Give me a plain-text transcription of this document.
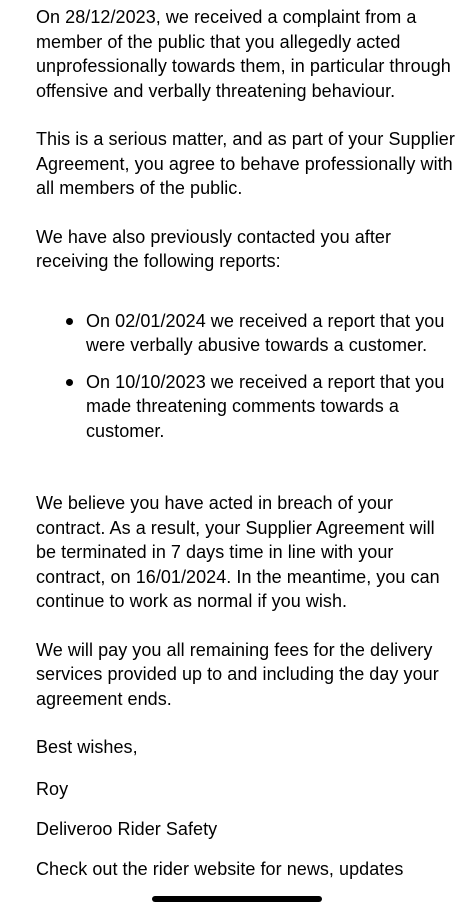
On 28/12/2023, we received a complaint from a member of the public that you allegedly acted unprofessionally towards them, in particular through offensive and verbally threatening behaviour.

This is a serious matter, and as part of your Supplier Agreement, you agree to behave professionally with all members of the public.

We have also previously contacted you after receiving the following reports:

On 02/01/2024 we received a report that you were verbally abusive towards a customer.
On 10/10/2023 we received a report that you made threatening comments towards a customer.

We believe you have acted in breach of your contract. As a result, your Supplier Agreement will be terminated in 7 days time in line with your contract, on 16/01/2024. In the meantime, you can continue to work as normal if you wish.

We will pay you all remaining fees for the delivery services provided up to and including the day your agreement ends.

Best wishes,

Roy

Deliveroo Rider Safety

Check out the rider website for news, updates
